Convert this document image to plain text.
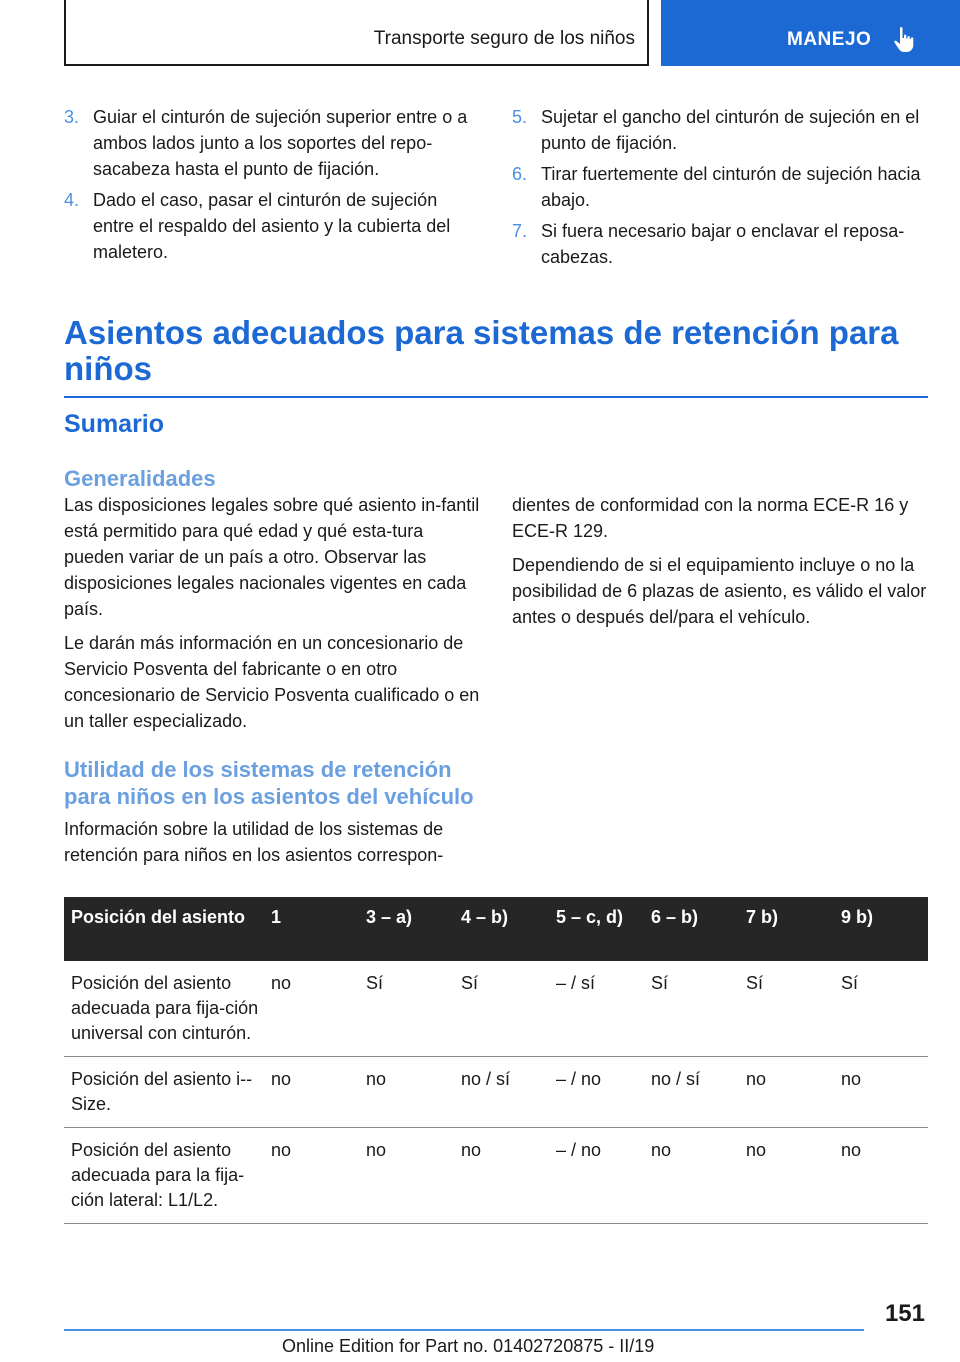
Transporte seguro de los niños	MANEJO
3. Guiar el cinturón de sujeción superior entre o a ambos lados junto a los soportes del repo‐sacabeza hasta el punto de fijación.
4. Dado el caso, pasar el cinturón de sujeción entre el respaldo del asiento y la cubierta del maletero.
5. Sujetar el gancho del cinturón de sujeción en el punto de fijación.
6. Tirar fuertemente del cinturón de sujeción hacia abajo.
7. Si fuera necesario bajar o enclavar el reposa‐cabezas.
Asientos adecuados para sistemas de retención para niños
Sumario
Generalidades

Las disposiciones legales sobre qué asiento in‐fantil está permitido para qué edad y qué esta‐tura pueden variar de un país a otro. Observar las disposiciones legales nacionales vigentes en cada país.

Le darán más información en un concesionario de Servicio Posventa del fabricante o en otro concesionario de Servicio Posventa cualificado o en un taller especializado.

Utilidad de los sistemas de retención para niños en los asientos del vehículo

Información sobre la utilidad de los sistemas de retención para niños en los asientos correspon‐

dientes de conformidad con la norma ECE-R 16 y ECE-R 129.

Dependiendo de si el equipamiento incluye o no la posibilidad de 6 plazas de asiento, es válido el valor antes o después del/para el vehículo.

Posición del asiento	1	3 – a)	4 – b)	5 – c, d)	6 – b)	7 b)	9 b)
Posición del asiento adecuada para fija‐ción universal con cinturón.	no	Sí	Sí	– / sí	Sí	Sí	Sí
Posición del asiento i-‐Size.	no	no	no / sí	– / no	no / sí	no	no
Posición del asiento adecuada para la fija‐ción lateral: L1/L2.	no	no	no	– / no	no	no	no
151
Online Edition for Part no. 01402720875 - II/19
